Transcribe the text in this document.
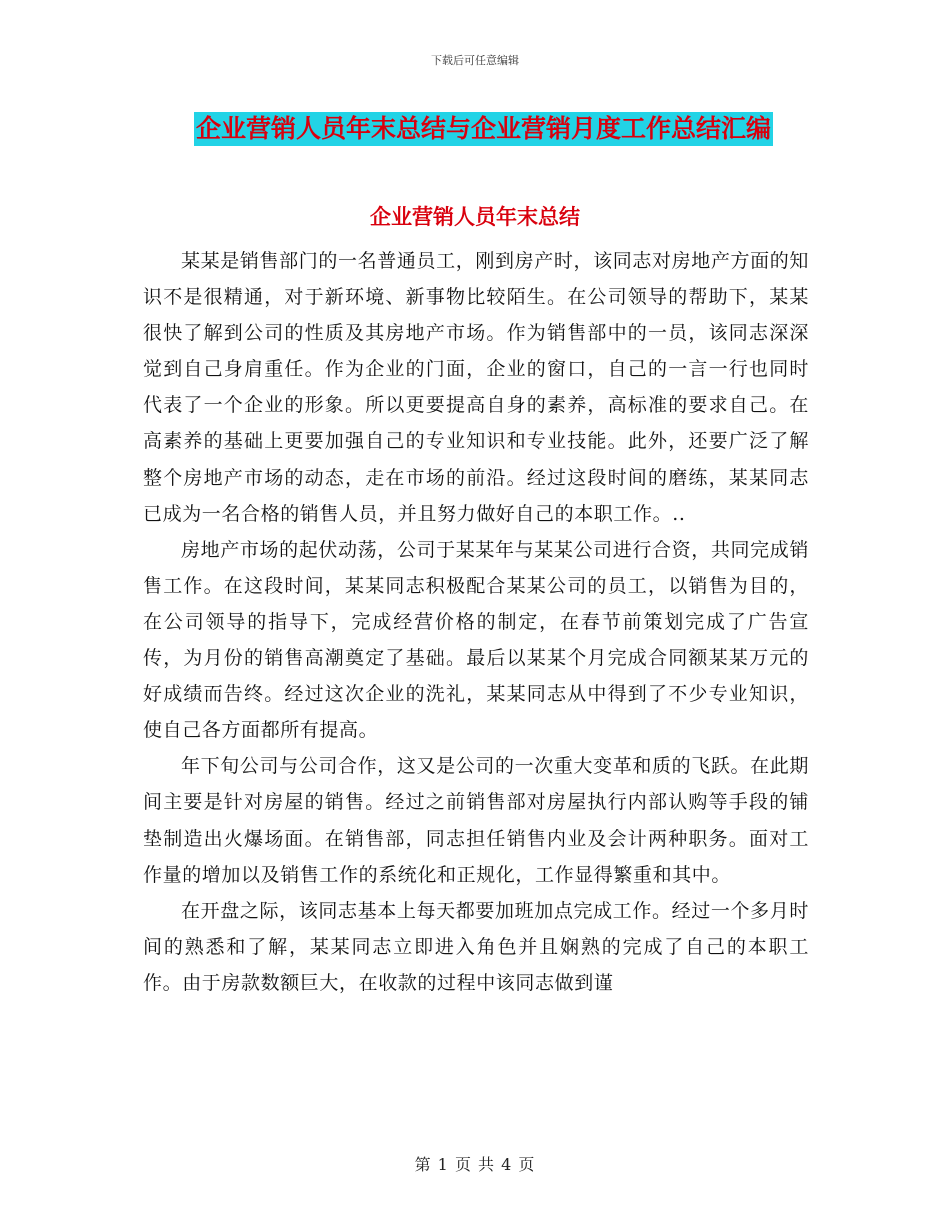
下载后可任意编辑
企业营销人员年末总结与企业营销月度工作总结汇编
企业营销人员年末总结

某某是销售部门的一名普通员工，刚到房产时，该同志对房地产方面的知识不是很精通，对于新环境、新事物比较陌生。在公司领导的帮助下，某某很快了解到公司的性质及其房地产市场。作为销售部中的一员，该同志深深觉到自己身肩重任。作为企业的门面，企业的窗口，自己的一言一行也同时代表了一个企业的形象。所以更要提高自身的素养，高标准的要求自己。在高素养的基础上更要加强自己的专业知识和专业技能。此外，还要广泛了解整个房地产市场的动态，走在市场的前沿。经过这段时间的磨练，某某同志已成为一名合格的销售人员，并且努力做好自己的本职工作。..

房地产市场的起伏动荡，公司于某某年与某某公司进行合资，共同完成销售工作。在这段时间，某某同志积极配合某某公司的员工，以销售为目的，在公司领导的指导下，完成经营价格的制定，在春节前策划完成了广告宣传，为月份的销售高潮奠定了基础。最后以某某个月完成合同额某某万元的好成绩而告终。经过这次企业的洗礼，某某同志从中得到了不少专业知识，使自己各方面都所有提高。

年下旬公司与公司合作，这又是公司的一次重大变革和质的飞跃。在此期间主要是针对房屋的销售。经过之前销售部对房屋执行内部认购等手段的铺垫制造出火爆场面。在销售部，同志担任销售内业及会计两种职务。面对工作量的增加以及销售工作的系统化和正规化，工作显得繁重和其中。

在开盘之际，该同志基本上每天都要加班加点完成工作。经过一个多月时间的熟悉和了解，某某同志立即进入角色并且娴熟的完成了自己的本职工作。由于房款数额巨大，在收款的过程中该同志做到谨

第 1 页 共 4 页
